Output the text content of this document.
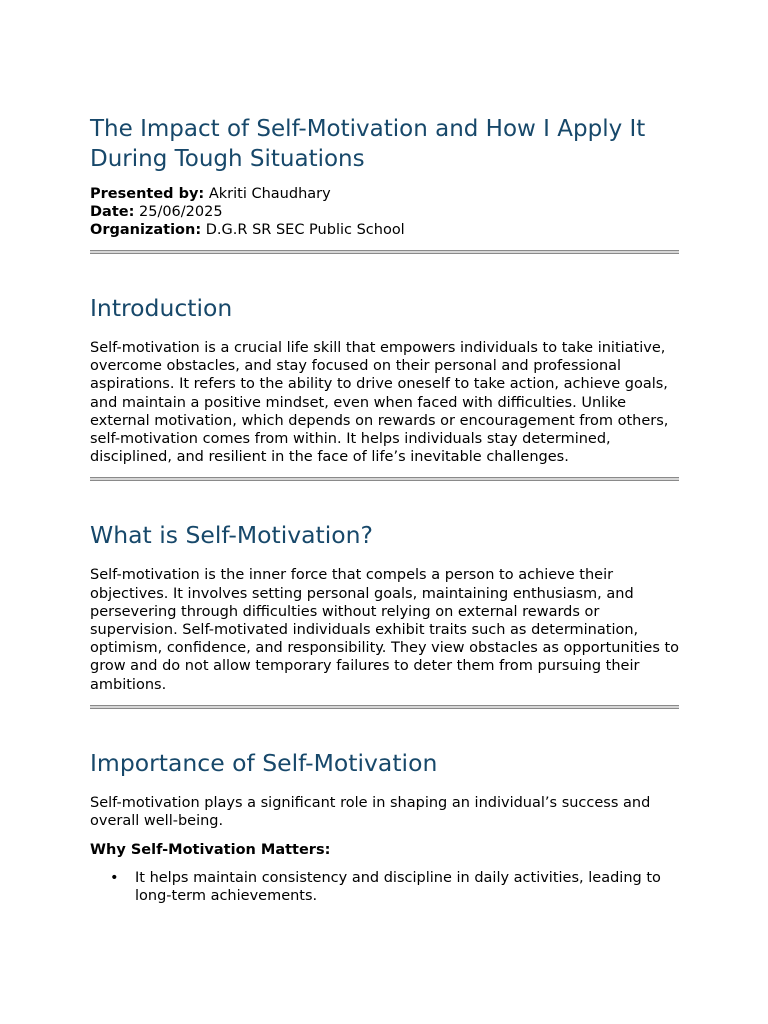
The Impact of Self-Motivation and How I Apply It During Tough Situations
Presented by: Akriti Chaudhary
Date: 25/06/2025
Organization: D.G.R SR SEC Public School
Introduction

Self-motivation is a crucial life skill that empowers individuals to take initiative, overcome obstacles, and stay focused on their personal and professional aspirations. It refers to the ability to drive oneself to take action, achieve goals, and maintain a positive mindset, even when faced with difficulties. Unlike external motivation, which depends on rewards or encouragement from others, self-motivation comes from within. It helps individuals stay determined, disciplined, and resilient in the face of life’s inevitable challenges.

What is Self-Motivation?

Self-motivation is the inner force that compels a person to achieve their objectives. It involves setting personal goals, maintaining enthusiasm, and persevering through difficulties without relying on external rewards or supervision. Self-motivated individuals exhibit traits such as determination, optimism, confidence, and responsibility. They view obstacles as opportunities to grow and do not allow temporary failures to deter them from pursuing their ambitions.

Importance of Self-Motivation

Self-motivation plays a significant role in shaping an individual’s success and overall well-being.

Why Self-Motivation Matters:
• It helps maintain consistency and discipline in daily activities, leading to long-term achievements.
